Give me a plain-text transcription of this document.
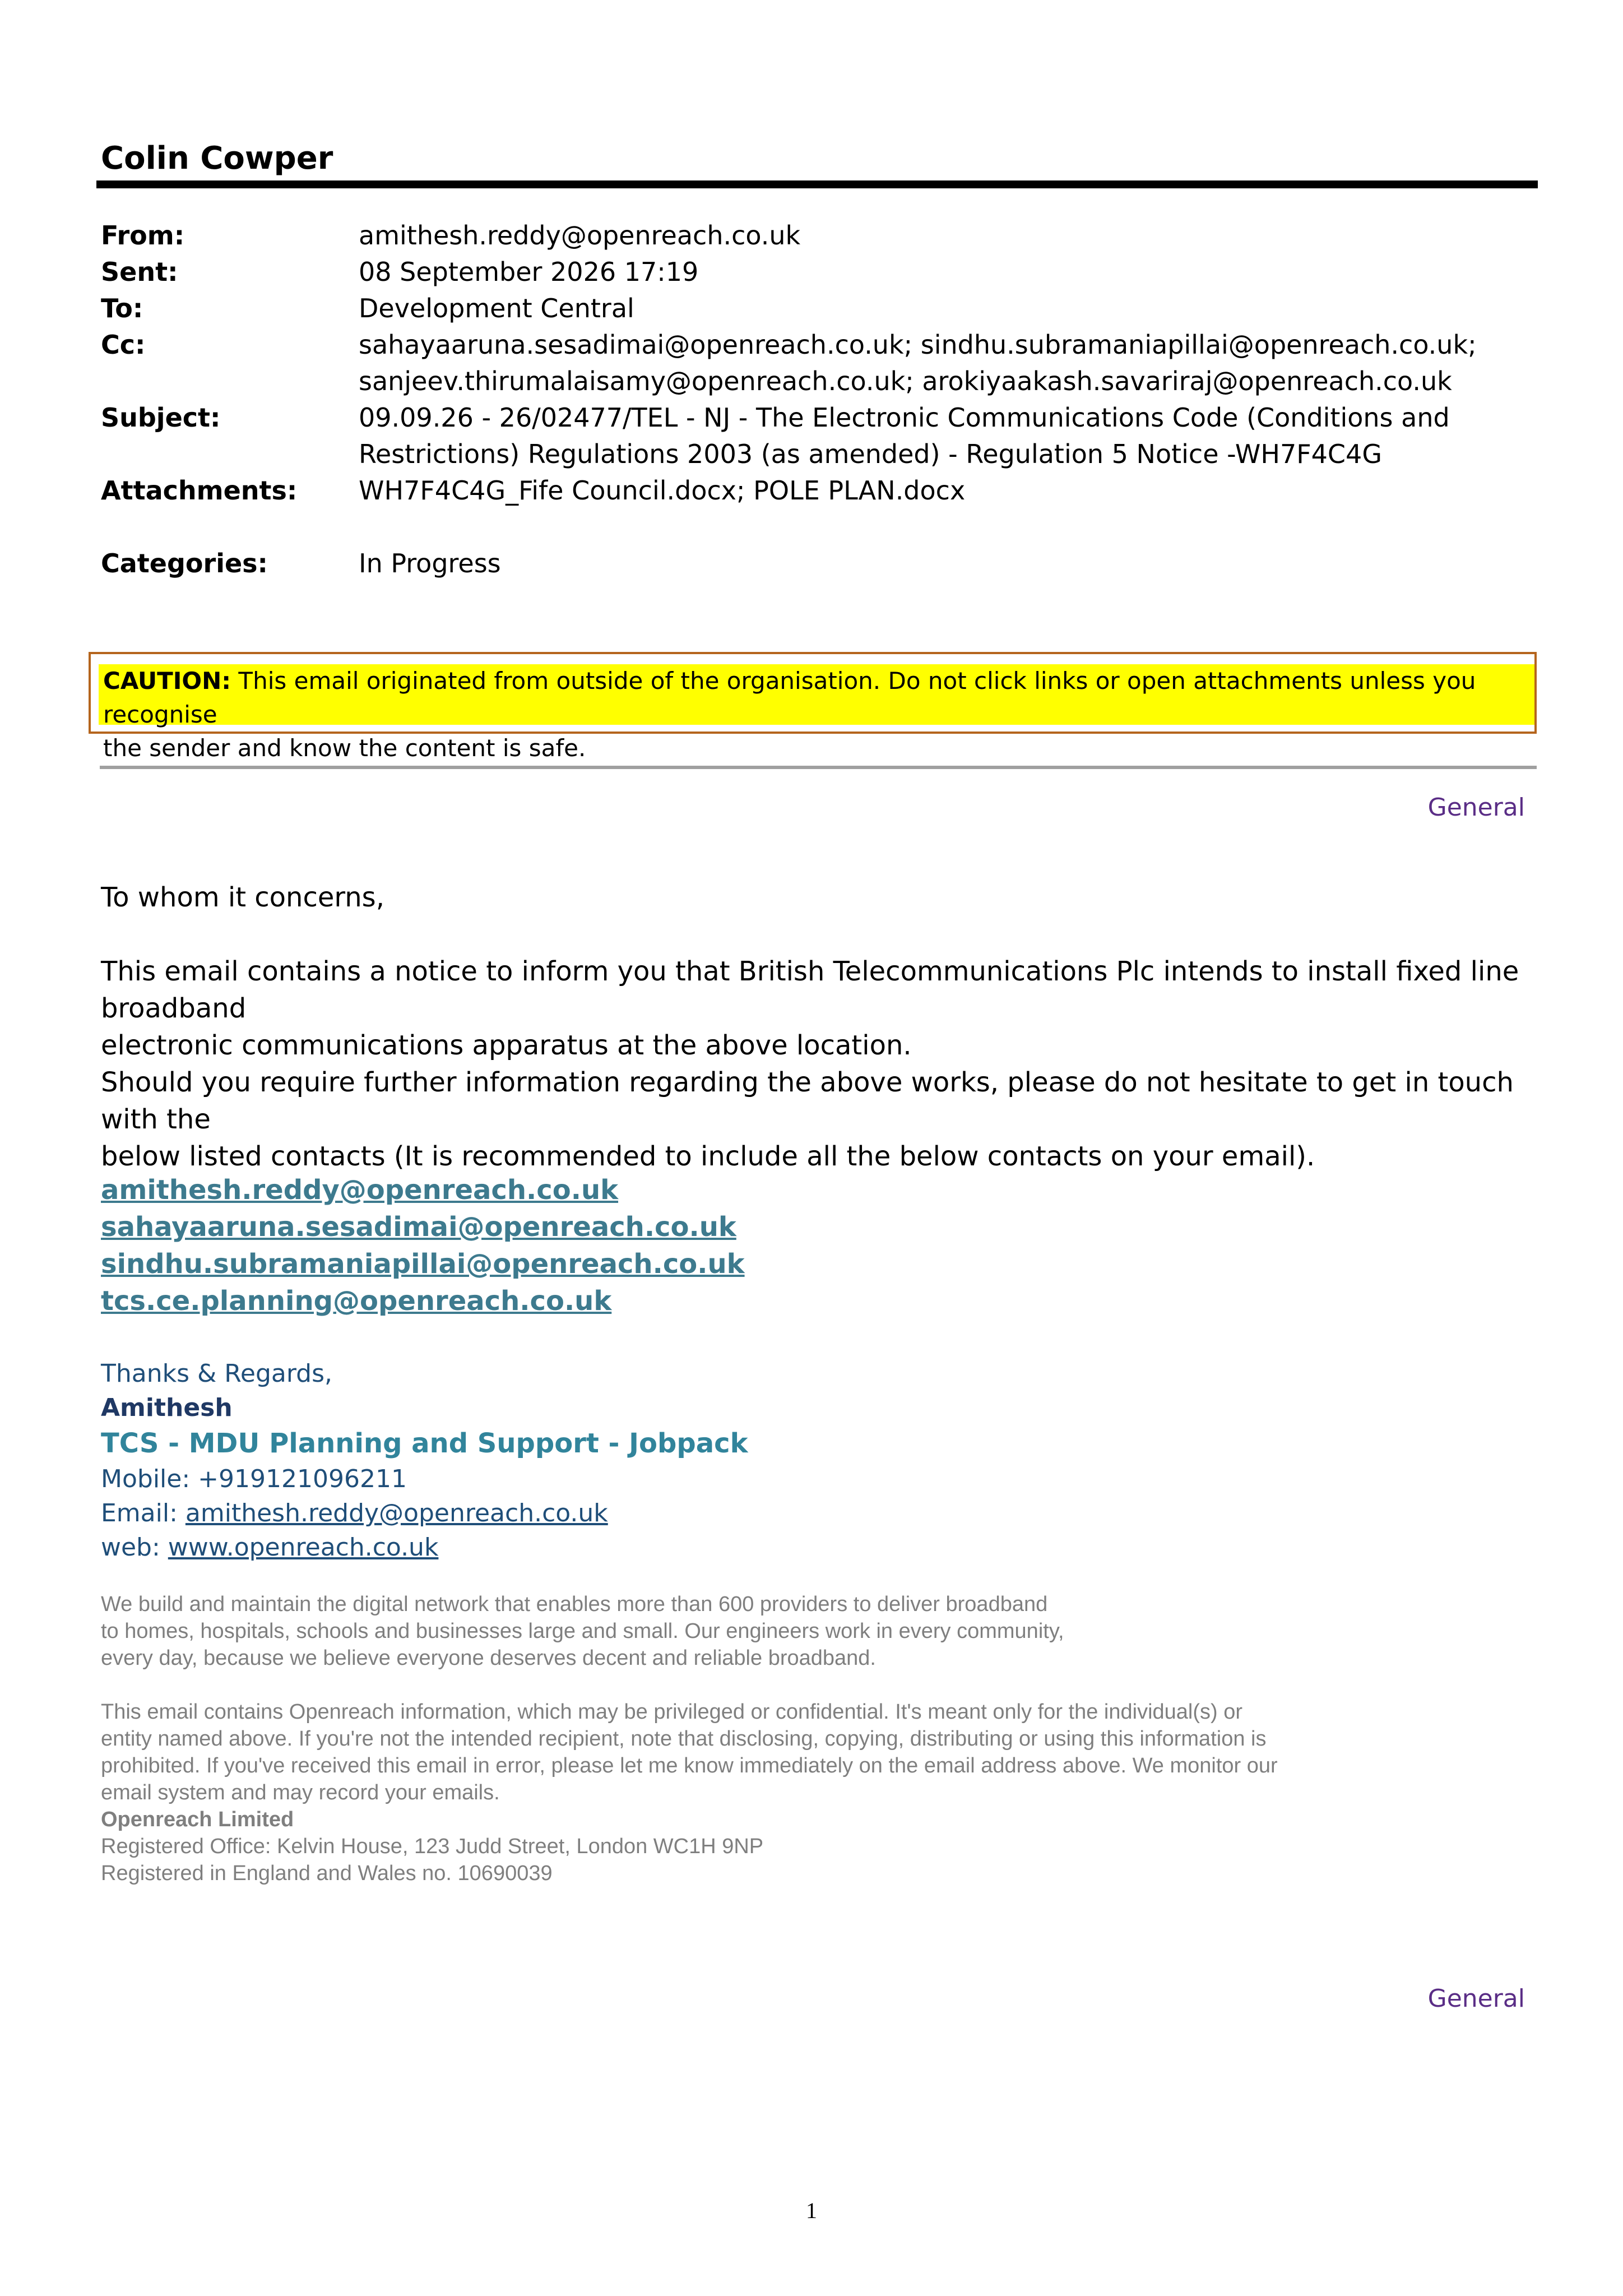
Colin Cowper
From:	amithesh.reddy@openreach.co.uk
Sent:	08 September 2026 17:19
To:	Development Central
Cc:	sahayaaruna.sesadimai@openreach.co.uk; sindhu.subramaniapillai@openreach.co.uk;
sanjeev.thirumalaisamy@openreach.co.uk; arokiyaakash.savariraj@openreach.co.uk
Subject:	09.09.26 - 26/02477/TEL - NJ - The Electronic Communications Code (Conditions and
Restrictions) Regulations 2003 (as amended) - Regulation 5 Notice -WH7F4C4G
Attachments: WH7F4C4G_Fife Council.docx; POLE PLAN.docx
Categories:	In Progress
CAUTION: This email originated from outside of the organisation. Do not click links or open attachments unless you recognise
the sender and know the content is safe.
General
To whom it concerns,
This email contains a notice to inform you that British Telecommunications Plc intends to install fixed line broadband
electronic communications apparatus at the above location.
Should you require further information regarding the above works, please do not hesitate to get in touch with the
below listed contacts (It is recommended to include all the below contacts on your email).
amithesh.reddy@openreach.co.uk
sahayaaruna.sesadimai@openreach.co.uk
sindhu.subramaniapillai@openreach.co.uk
tcs.ce.planning@openreach.co.uk
Thanks & Regards,
Amithesh
TCS - MDU Planning and Support - Jobpack
Mobile: +919121096211
Email: amithesh.reddy@openreach.co.uk
web: www.openreach.co.uk
We build and maintain the digital network that enables more than 600 providers to deliver broadband
to homes, hospitals, schools and businesses large and small. Our engineers work in every community,
every day, because we believe everyone deserves decent and reliable broadband.
This email contains Openreach information, which may be privileged or confidential. It's meant only for the individual(s) or
entity named above. If you're not the intended recipient, note that disclosing, copying, distributing or using this information is
prohibited. If you've received this email in error, please let me know immediately on the email address above. We monitor our
email system and may record your emails.
Openreach Limited
Registered Office: Kelvin House, 123 Judd Street, London WC1H 9NP
Registered in England and Wales no. 10690039
General
1
